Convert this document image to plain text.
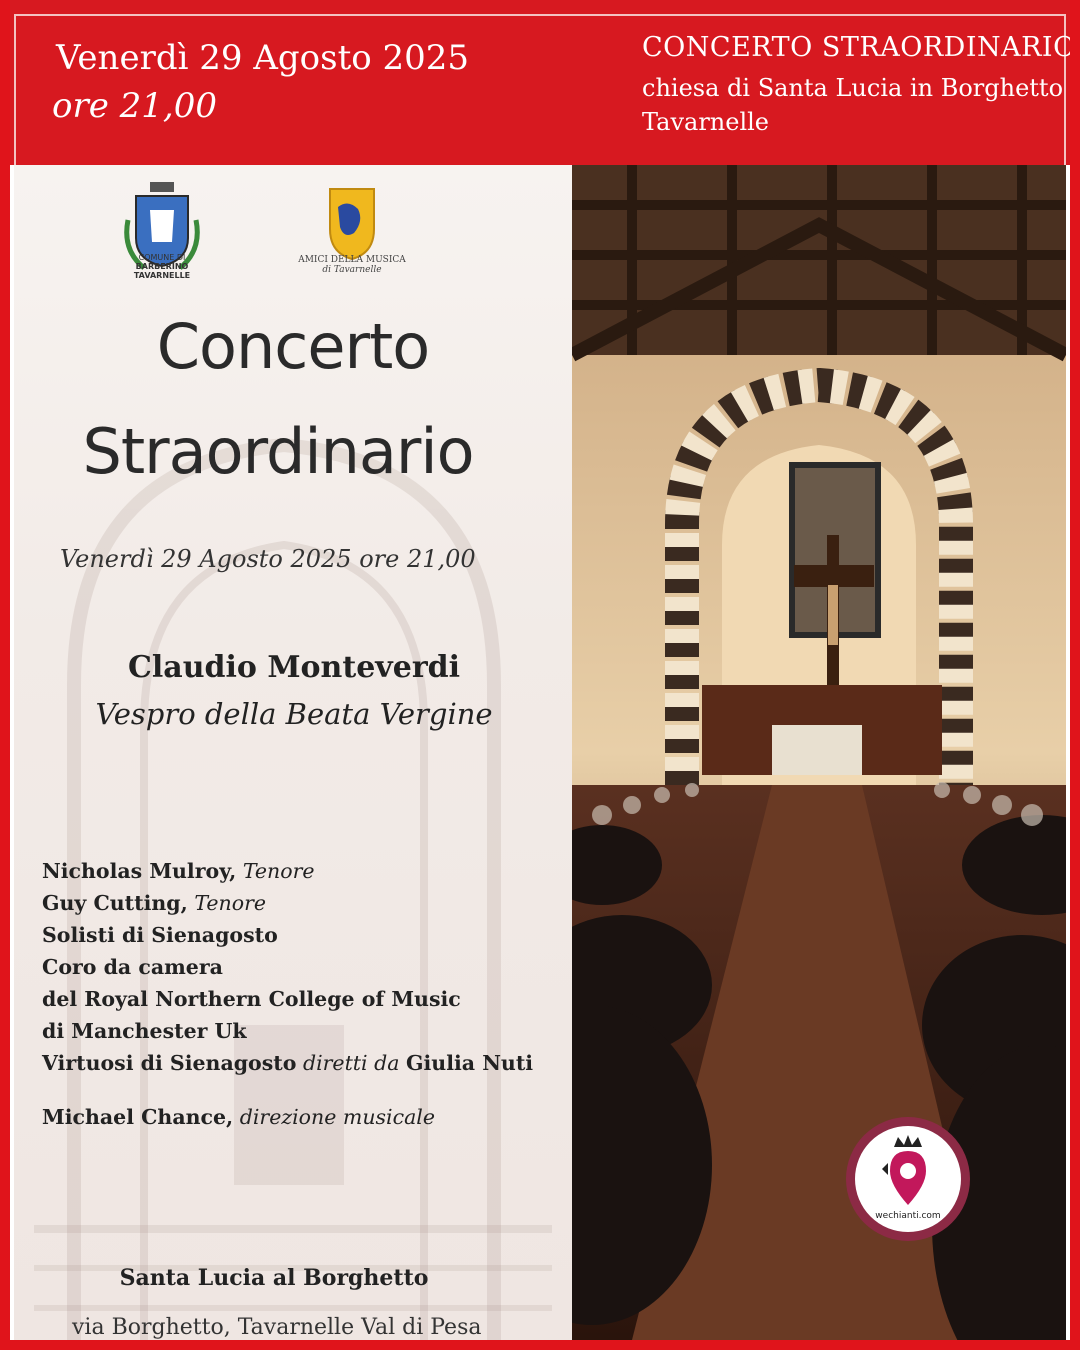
Venerdì 29 Agosto 2025
ore 21,00
CONCERTO STRAORDINARIO
chiesa di Santa Lucia in Borghetto
Tavarnelle
COMUNE DI
BARBERINO
TAVARNELLE
AMICI DELLA MUSICA
di Tavarnelle
Concerto
Straordinario
Venerdì 29 Agosto 2025 ore 21,00
Claudio Monteverdi
Vespro della Beata Vergine
Nicholas Mulroy, Tenore
Guy Cutting, Tenore
Solisti di Sienagosto
Coro da camera
del Royal Northern College of Music
di Manchester Uk
Virtuosi di Sienagosto diretti da Giulia Nuti
Michael Chance, direzione musicale
Santa Lucia al Borghetto
via Borghetto, Tavarnelle Val di Pesa
wechianti.com
